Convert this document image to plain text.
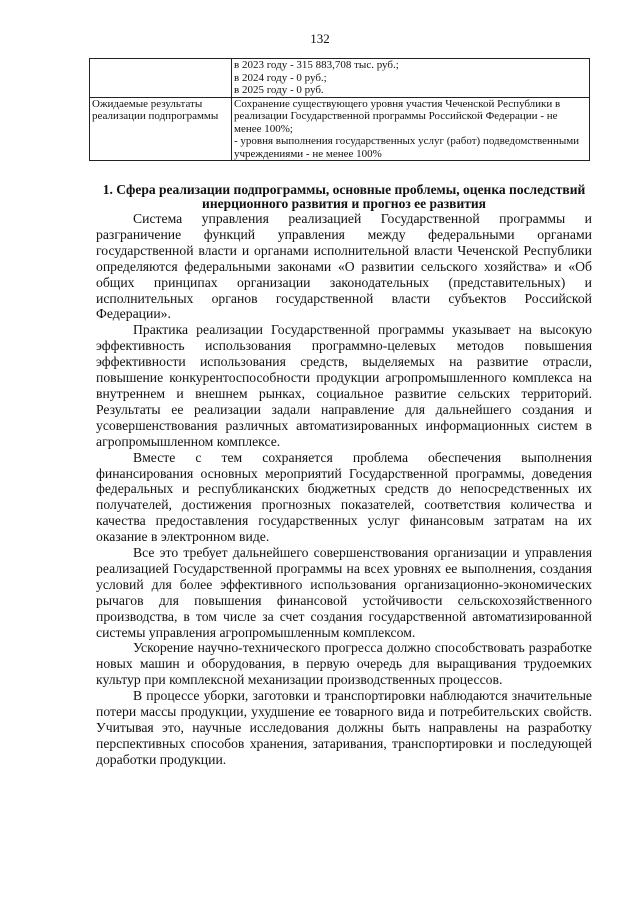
132

	в 2023 году - 315 883,708 тыс. руб.;
в 2024 году - 0 руб.;
в 2025 году - 0 руб.

Ожидаемые результаты реализации подпрограммы	Сохранение существующего уровня участия Чеченской Республики в реализации Государственной программы Российской Федерации - не менее 100%;
- уровня выполнения государственных услуг (работ) подведомственными учреждениями - не менее 100%
1. Сфера реализации подпрограммы, основные проблемы, оценка последствий инерционного развития и прогноз ее развития

Система управления реализацией Государственной программы и разграничение функций управления между федеральными органами государственной власти и органами исполнительной власти Чеченской Республики определяются федеральными законами «О развитии сельского хозяйства» и «Об общих принципах организации законодательных (представительных) и исполнительных органов государственной власти субъектов Российской Федерации».

Практика реализации Государственной программы указывает на высокую эффективность использования программно-целевых методов повышения эффективности использования средств, выделяемых на развитие отрасли, повышение конкурентоспособности продукции агропромышленного комплекса на внутреннем и внешнем рынках, социальное развитие сельских территорий. Результаты ее реализации задали направление для дальнейшего создания и усовершенствования различных автоматизированных информационных систем в агропромышленном комплексе.

Вместе с тем сохраняется проблема обеспечения выполнения финансирования основных мероприятий Государственной программы, доведения федеральных и республиканских бюджетных средств до непосредственных их получателей, достижения прогнозных показателей, соответствия количества и качества предоставления государственных услуг финансовым затратам на их оказание в электронном виде.

Все это требует дальнейшего совершенствования организации и управления реализацией Государственной программы на всех уровнях ее выполнения, создания условий для более эффективного использования организационно-экономических рычагов для повышения финансовой устойчивости сельскохозяйственного производства, в том числе за счет создания государственной автоматизированной системы управления агропромышленным комплексом.

Ускорение научно-технического прогресса должно способствовать разработке новых машин и оборудования, в первую очередь для выращивания трудоемких культур при комплексной механизации производственных процессов.

В процессе уборки, заготовки и транспортировки наблюдаются значительные потери массы продукции, ухудшение ее товарного вида и потребительских свойств. Учитывая это, научные исследования должны быть направлены на разработку перспективных способов хранения, затаривания, транспортировки и последующей доработки продукции.
